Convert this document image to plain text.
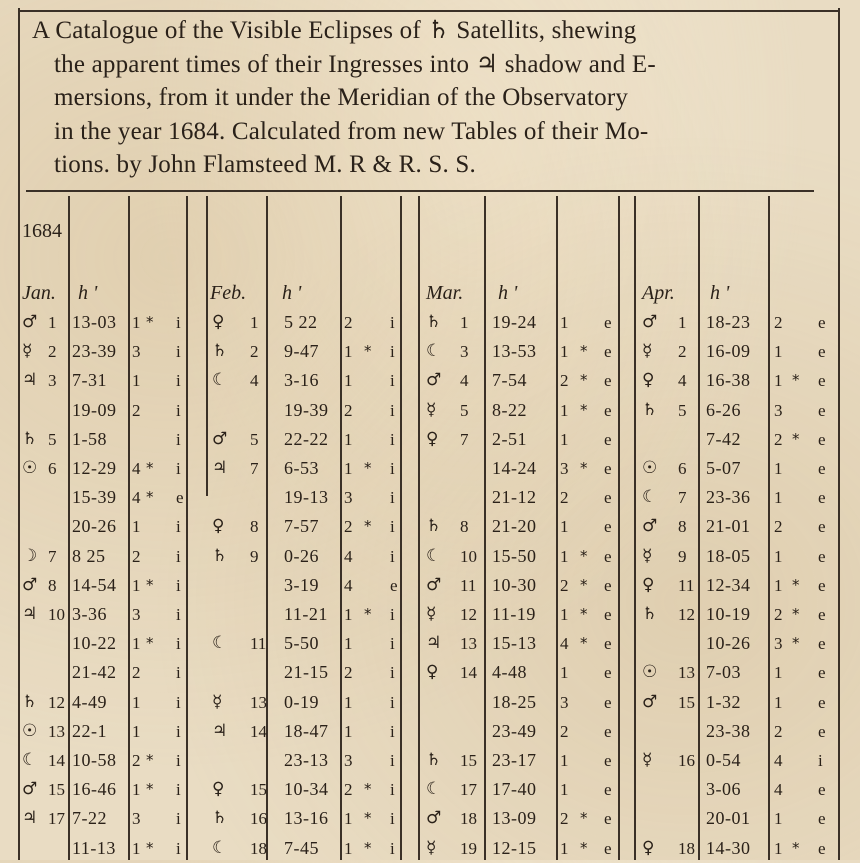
A Catalogue of the Visible Eclipses of ♄ Satellits, shewing
the apparent times of their Ingresses into ♃ shadow and E-
mersions, from it under the Meridian of the Observatory
in the year 1684. Calculated from new Tables of their Mo-
tions. by John Flamsteed M. R & R. S. S.
1684
Jan. h '	Feb. h '	Mar. h '	Apr. h '
♂ 1 13-03 1 * i
☿ 2 23-39 3 i
♃ 3 7-31 1 i
19-09 2 i
♄ 5 1-58	i
☉ 6 12-29 4 * i
15-39 4 * e
20-26 1 i
☽ 7 8 25 2 i
♂ 8 14-54 1 * i
♃ 10 3-36 3 i
10-22 1 * i
21-42 2 i
♄ 12 4-49 1 i
☉ 13 22-1 1 i
☾ 14 10-58 2 * i
♂ 15 16-46 1 * i
♃ 17 7-22 3 i
11-13 1 * i
♀ 1 5 22 2 i
♄ 2 9-47 1 * i
☾ 4 3-16 1 i
19-39 2 i
♂ 5 22-22 1 i
♃ 7 6-53 1 * i
19-13 3 i
♀ 8 7-57 2 * i
♄ 9 0-26 4 i
3-19 4 e
11-21 1 * i
☾ 11 5-50 1 i
21-15 2 i
☿ 13 0-19 1 i
♃ 14 18-47 1 i
23-13 3 i
♀ 15 10-34 2 * i
♄ 16 13-16 1 * i
☾ 18 7-45 1 * i
♄ 1 19-24 1 e
☾ 3 13-53 1 * e
♂ 4 7-54 2 * e
☿ 5 8-22 1 * e
♀ 7 2-51 1 e
14-24 3 * e
21-12 2 e
♄ 8 21-20 1 e
☾ 10 15-50 1 * e
♂ 11 10-30 2 * e
☿ 12 11-19 1 * e
♃ 13 15-13 4 * e
♀ 14 4-48 1 e
18-25 3 e
23-49 2 e
♄ 15 23-17 1 e
☾ 17 17-40 1 e
♂ 18 13-09 2 * e
☿ 19 12-15 1 * e
♂ 1 18-23 2 e
☿ 2 16-09 1 e
♀ 4 16-38 1 * e
♄ 5 6-26 3 e
7-42 2 * e
☉ 6 5-07 1 e
☾ 7 23-36 1 e
♂ 8 21-01 2 e
☿ 9 18-05 1 e
♀ 11 12-34 1 * e
♄ 12 10-19 2 * e
10-26 3 * e
☉ 13 7-03 1 e
♂ 15 1-32 1 e
23-38 2 e
☿ 16 0-54 4 i
3-06 4 e
20-01 1 e
♀ 18 14-30 1 * e
